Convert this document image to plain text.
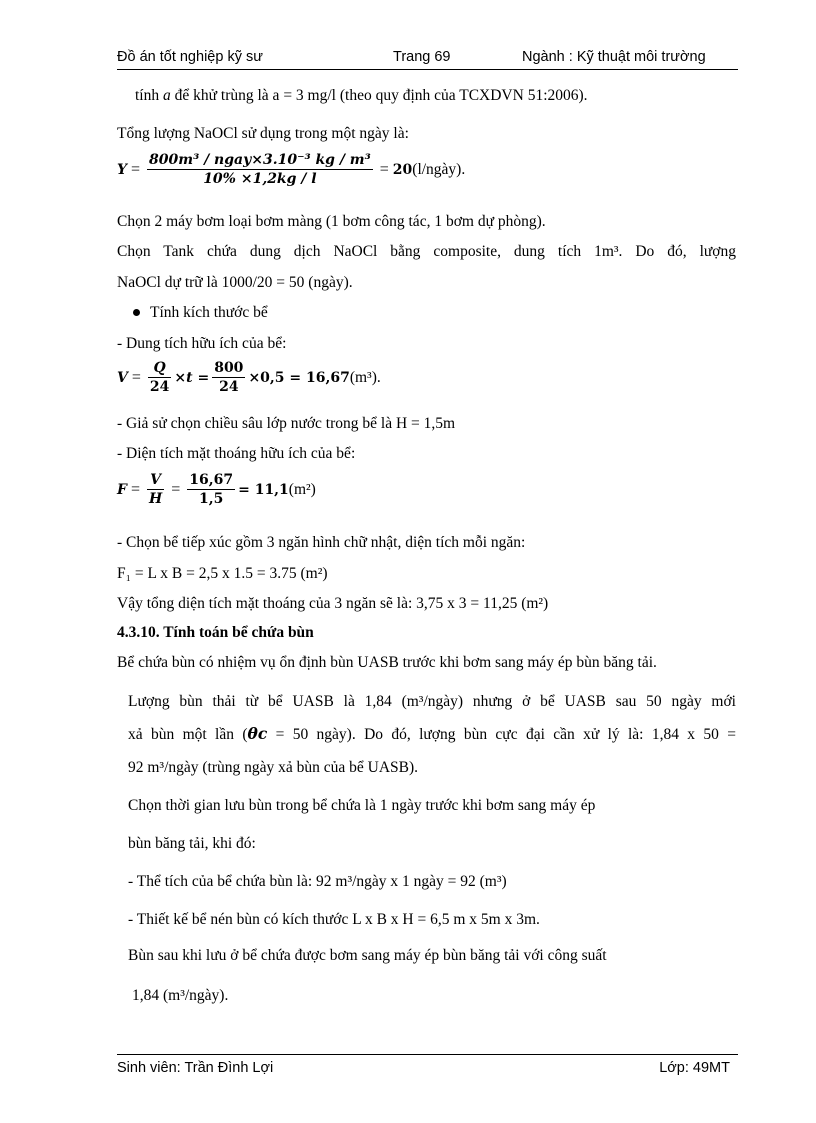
Đồ án tốt nghiệp kỹ sư	Trang 69	Ngành : Kỹ thuật môi trường
tính a để khử trùng là a = 3 mg/l (theo quy định của TCXDVN 51:2006).
Tổng lượng NaOCl sử dụng trong một ngày là:
$Y = \frac{\text{800m³ / ngay×3.10⁻³ kg / m³}}{10\% \times 1,2kg / l} = 20$ (l/ngày).
Chọn 2 máy bơm loại bơm màng (1 bơm công tác, 1 bơm dự phòng).
Chọn Tank chứa dung dịch NaOCl bằng composite, dung tích 1m³. Do đó, lượng
NaOCl dự trữ là 1000/20 = 50 (ngày).
Tính kích thước bể
- Dung tích hữu ích của bể:
$V = \frac{Q}{24} \times t = \frac{800}{24} \times 0,5 = 16,67$ (m³).
- Giả sử chọn chiều sâu lớp nước trong bể là H = 1,5m
- Diện tích mặt thoáng hữu ích của bể:
$F = \frac{V}{H} = \frac{16,67}{1,5} = 11,1$ (m²)
- Chọn bể tiếp xúc gồm 3 ngăn hình chữ nhật, diện tích mỗi ngăn:
F₁ = L x B = 2,5 x 1.5 = 3.75 (m²)
Vậy tổng diện tích mặt thoáng của 3 ngăn sẽ là: 3,75 x 3 = 11,25 (m²)
4.3.10. Tính toán bể chứa bùn
Bể chứa bùn có nhiệm vụ ổn định bùn UASB trước khi bơm sang máy ép bùn băng tải.
Lượng bùn thải từ bể UASB là 1,84 (m³/ngày) nhưng ở bể UASB sau 50 ngày mới
xả bùn một lần (θc = 50 ngày). Do đó, lượng bùn cực đại cần xử lý là: 1,84 x 50 =
92 m³/ngày (trùng ngày xả bùn của bể UASB).
Chọn thời gian lưu bùn trong bể chứa là 1 ngày trước khi bơm sang máy ép
bùn băng tải, khi đó:
- Thể tích của bể chứa bùn là: 92 m³/ngày x 1 ngày = 92 (m³)
- Thiết kế bể nén bùn có kích thước L x B x H = 6,5 m x 5m x 3m.
Bùn sau khi lưu ở bể chứa được bơm sang máy ép bùn băng tải với công suất
1,84 (m³/ngày).
Sinh viên: Trần Đình Lợi	Lớp: 49MT
